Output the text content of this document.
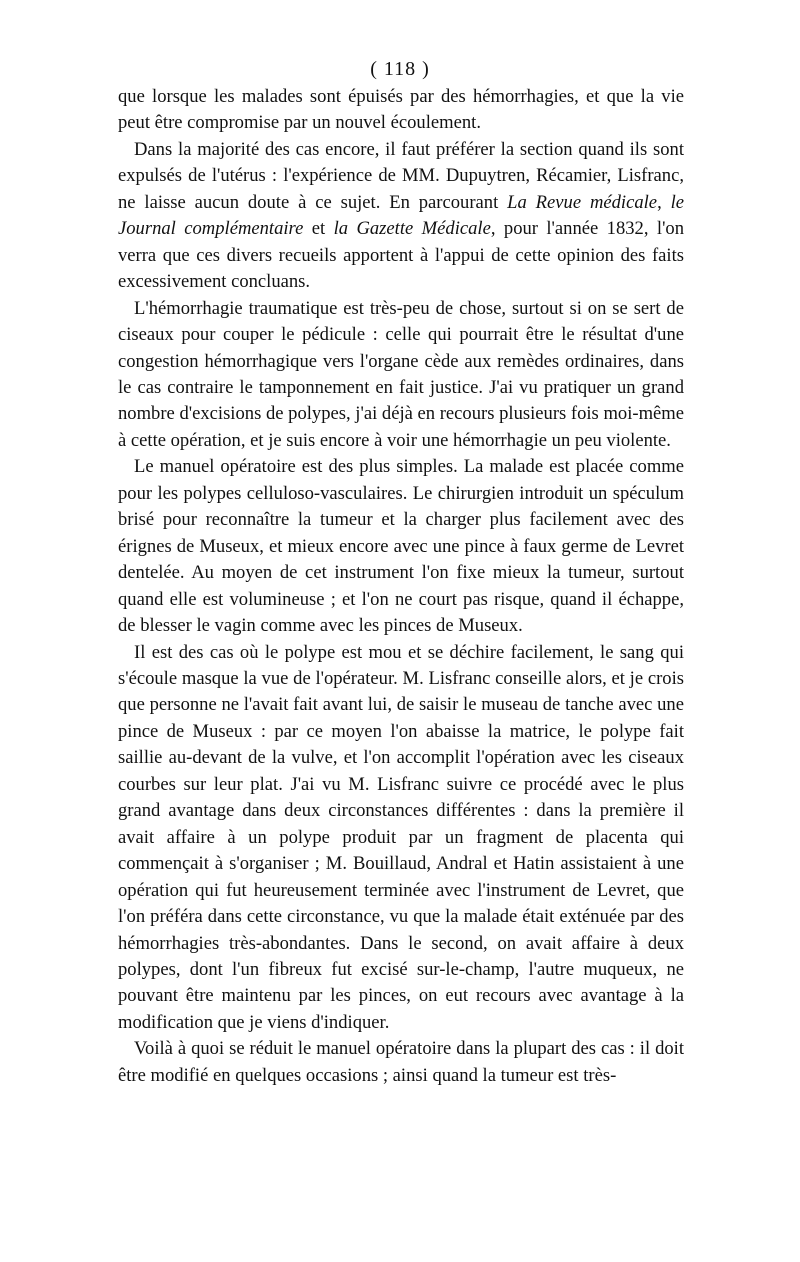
( 118 )

que lorsque les malades sont épuisés par des hémorrhagies, et que la vie peut être compromise par un nouvel écoulement.

Dans la majorité des cas encore, il faut préférer la section quand ils sont expulsés de l'utérus : l'expérience de MM. Dupuytren, Récamier, Lisfranc, ne laisse aucun doute à ce sujet. En parcourant La Revue médicale, le Journal complémentaire et la Gazette Médicale, pour l'année 1832, l'on verra que ces divers recueils apportent à l'appui de cette opinion des faits excessivement concluans.

L'hémorrhagie traumatique est très-peu de chose, surtout si on se sert de ciseaux pour couper le pédicule : celle qui pourrait être le résultat d'une congestion hémorrhagique vers l'organe cède aux remèdes ordinaires, dans le cas contraire le tamponnement en fait justice. J'ai vu pratiquer un grand nombre d'excisions de polypes, j'ai déjà en recours plusieurs fois moi-même à cette opération, et je suis encore à voir une hémorrhagie un peu violente.

Le manuel opératoire est des plus simples. La malade est placée comme pour les polypes celluloso-vasculaires. Le chirurgien introduit un spéculum brisé pour reconnaître la tumeur et la charger plus facilement avec des érignes de Museux, et mieux encore avec une pince à faux germe de Levret dentelée. Au moyen de cet instrument l'on fixe mieux la tumeur, surtout quand elle est volumineuse ; et l'on ne court pas risque, quand il échappe, de blesser le vagin comme avec les pinces de Museux.

Il est des cas où le polype est mou et se déchire facilement, le sang qui s'écoule masque la vue de l'opérateur. M. Lisfranc conseille alors, et je crois que personne ne l'avait fait avant lui, de saisir le museau de tanche avec une pince de Museux : par ce moyen l'on abaisse la matrice, le polype fait saillie au-devant de la vulve, et l'on accomplit l'opération avec les ciseaux courbes sur leur plat. J'ai vu M. Lisfranc suivre ce procédé avec le plus grand avantage dans deux circonstances différentes : dans la première il avait affaire à un polype produit par un fragment de placenta qui commençait à s'organiser ; M. Bouillaud, Andral et Hatin assistaient à une opération qui fut heureusement terminée avec l'instrument de Levret, que l'on préféra dans cette circonstance, vu que la malade était exténuée par des hémorrhagies très-abondantes. Dans le second, on avait affaire à deux polypes, dont l'un fibreux fut excisé sur-le-champ, l'autre muqueux, ne pouvant être maintenu par les pinces, on eut recours avec avantage à la modification que je viens d'indiquer.

Voilà à quoi se réduit le manuel opératoire dans la plupart des cas : il doit être modifié en quelques occasions ; ainsi quand la tumeur est très-
